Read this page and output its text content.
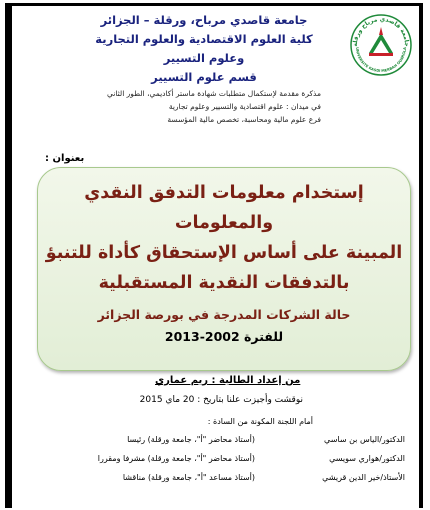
جامعة قاصدي مرباح ورقلة
UNIVERSITE KASDI MERBAH OUARGLA
جامعة قاصدي مرباح، ورقلة – الجزائر
كلية العلوم الاقتصادية والعلوم التجارية وعلوم التسيير
قسم علوم التسيير
مذكرة مقدمة لإستكمال متطلبات شهادة ماستر أكاديمي، الطور الثاني
في ميدان : علوم اقتصادية والتسيير وعلوم تجارية
فرع علوم مالية ومحاسبة، تخصص مالية المؤسسة
بعنوان :
إستخدام معلومات التدفق النقدي والمعلومات
المبينة على أساس الإستحقاق كأداة للتنبؤ
بالتدفقات النقدية المستقبلية
حالة الشركات المدرجة في بورصة الجزائر
للفترة 2002-2013
من إعداد الطالبة : ريم عماري
نوقشت وأجيزت علنا بتاريخ : 20 ماي 2015
أمام اللجنة المكونة من السادة :
الدكتور/الياس بن ساسي
(أستاذ محاضر "أ"، جامعة ورقلة) رئيسا
الدكتور/هواري سويسي
(أستاذ محاضر "أ"، جامعة ورقلة) مشرفا ومقررا
الأستاذ/خير الدين قريشي
(أستاذ مساعد "أ"، جامعة ورقلة) مناقشا
